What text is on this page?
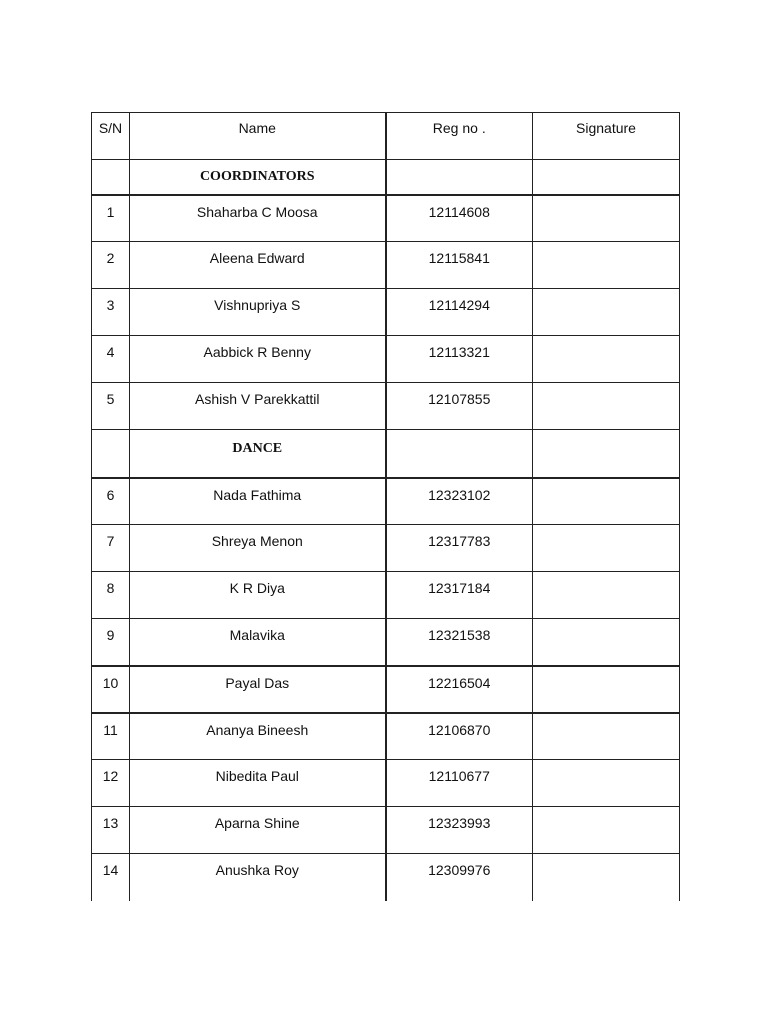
S/N	Name	Reg no .	Signature
	COORDINATORS		
1	Shaharba C Moosa	12114608	
2	Aleena Edward	12115841	
3	Vishnupriya S	12114294	
4	Aabbick R Benny	12113321	
5	Ashish V Parekkattil	12107855	
	DANCE		
6	Nada Fathima	12323102	
7	Shreya Menon	12317783	
8	K R Diya	12317184	
9	Malavika	12321538	
10	Payal Das	12216504	
11	Ananya Bineesh	12106870	
12	Nibedita Paul	12110677	
13	Aparna Shine	12323993	
14	Anushka Roy	12309976	
